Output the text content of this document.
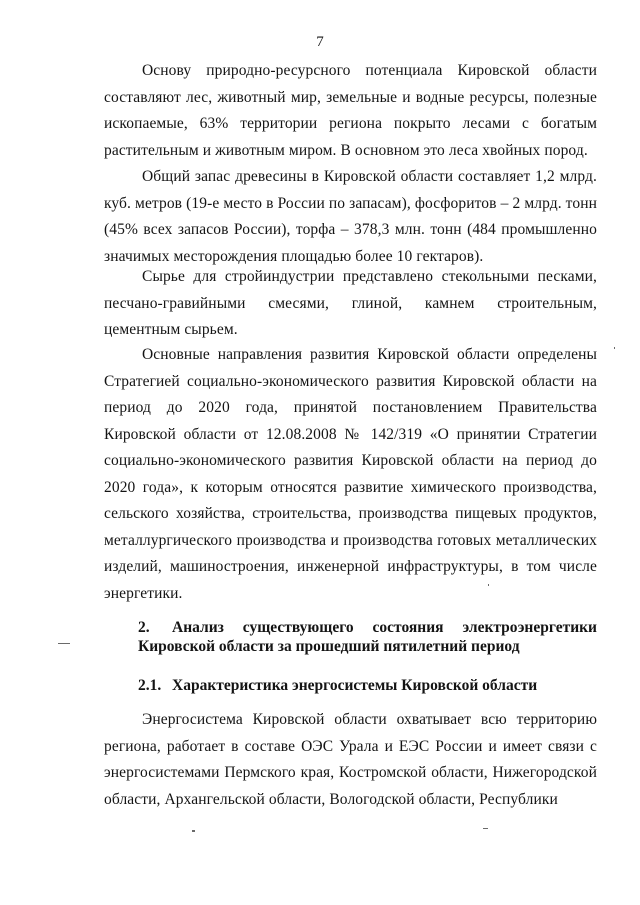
7

Основу природно-ресурсного потенциала Кировской области составляют лес, животный мир, земельные и водные ресурсы, полезные ископаемые, 63% территории региона покрыто лесами с богатым растительным и животным миром. В основном это леса хвойных пород.

Общий запас древесины в Кировской области составляет 1,2 млрд. куб. метров (19-е место в России по запасам), фосфоритов – 2 млрд. тонн (45% всех запасов России), торфа – 378,3 млн. тонн (484 промышленно значимых месторождения площадью более 10 гектаров).

Сырье для стройиндустрии представлено стекольными песками, песчано-гравийными смесями, глиной, камнем строительным, цементным сырьем.

Основные направления развития Кировской области определены Стратегией социально-экономического развития Кировской области на период до 2020 года, принятой постановлением Правительства Кировской области от 12.08.2008 № 142/319 «О принятии Стратегии социально-экономического развития Кировской области на период до 2020 года», к которым относятся развитие химического производства, сельского хозяйства, строительства, производства пищевых продуктов, металлургического производства и производства готовых металлических изделий, машиностроения, инженерной инфраструктуры, в том числе энергетики.

2. Анализ существующего состояния электроэнергетики Кировской области за прошедший пятилетний период
2.1. Характеристика энергосистемы Кировской области

Энергосистема Кировской области охватывает всю территорию региона, работает в составе ОЭС Урала и ЕЭС России и имеет связи с энергосистемами Пермского края, Костромской области, Нижегородской области, Архангельской области, Вологодской области, Республики
